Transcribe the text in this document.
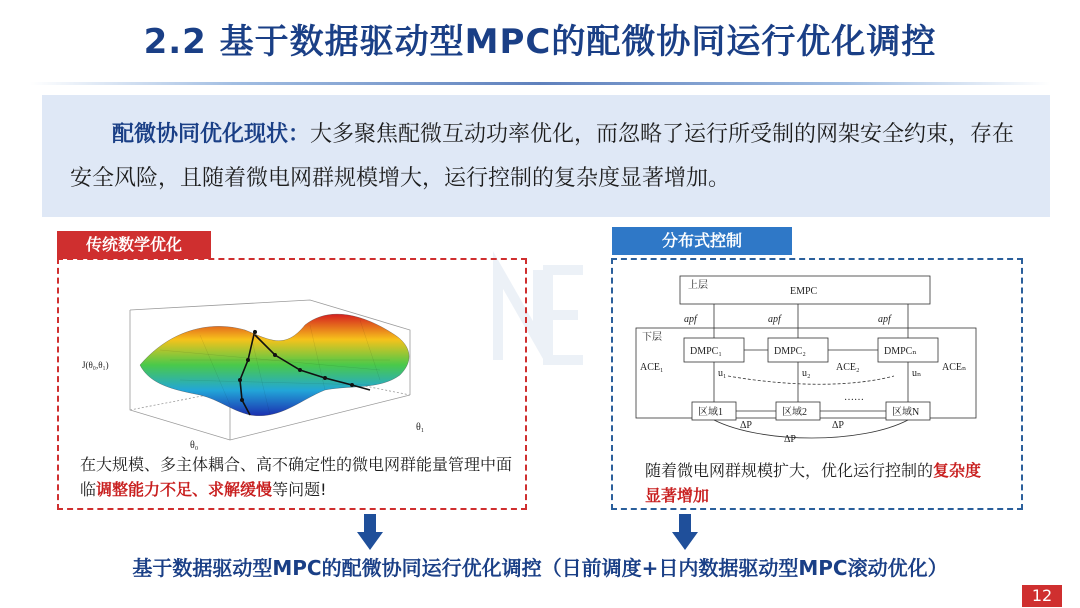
2.2 基于数据驱动型MPC的配微协同运行优化调控
配微协同优化现状：大多聚焦配微互动功率优化，而忽略了运行所受制的网架安全约束，存在安全风险，且随着微电网群规模增大，运行控制的复杂度显著增加。
传统数学优化
J(θ₀,θ₁)
θ₀
θ₁
在大规模、多主体耦合、高不确定性的微电网群能量管理中面临调整能力不足、求解缓慢等问题!
分布式控制
上层
EMPC
下层
apf	apf	apf
DMPC₁	DMPC₂	DMPCₙ
ACE₁	ACE₂	ACEₙ
u₁	u₂	uₙ
区域1	区域2	区域N
……
ΔP	ΔP
ΔP
随着微电网群规模扩大，优化运行控制的复杂度显著增加
基于数据驱动型MPC的配微协同运行优化调控（日前调度+日内数据驱动型MPC滚动优化）
12
